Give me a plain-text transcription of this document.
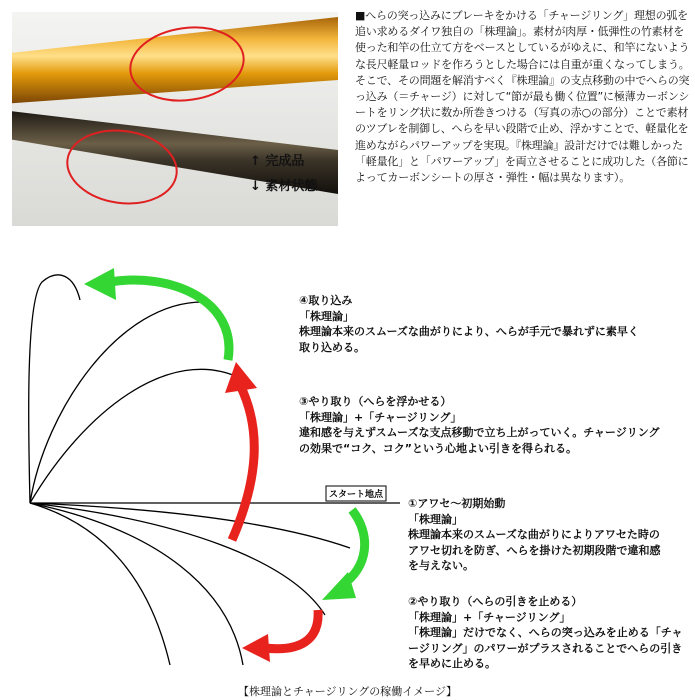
↑ 完成品
↓ 素材状態

■へらの突っ込みにブレーキをかける「チャージリング」理想の弧を追い求めるダイワ独自の「株理論」。素材が肉厚・低弾性の竹素材を使った和竿の仕立て方をベースとしているがゆえに、和竿にないような長尺軽量ロッドを作ろうとした場合には自重が重くなってしまう。そこで、その問題を解消すべく『株理論』の支点移動の中でへらの突っ込み（＝チャージ）に対して“節が最も働く位置”に極薄カーボンシートをリング状に数か所巻きつける（写真の赤○の部分）ことで素材のツブレを制御し、へらを早い段階で止め、浮かすことで、軽量化を進めながらパワーアップを実現。『株理論』設計だけでは難しかった「軽量化」と「パワーアップ」を両立させることに成功した（各節によってカーボンシートの厚さ・弾性・幅は異なります）。

スタート地点
④取り込み
「株理論」
株理論本来のスムーズな曲がりにより、へらが手元で暴れずに素早く
取り込める。
③やり取り（へらを浮かせる）
「株理論」+「チャージリング」
違和感を与えずスムーズな支点移動で立ち上がっていく。チャージリング
の効果で“コク、コク”という心地よい引きを得られる。
①アワセ～初期始動
「株理論」
株理論本来のスムーズな曲がりによりアワセた時の
アワセ切れを防ぎ、へらを掛けた初期段階で違和感
を与えない。
②やり取り（へらの引きを止める）
「株理論」+「チャージリング」
「株理論」だけでなく、へらの突っ込みを止める「チャ
ージリング」のパワーがプラスされることでへらの引き
を早めに止める。

【株理論とチャージリングの稼働イメージ】
